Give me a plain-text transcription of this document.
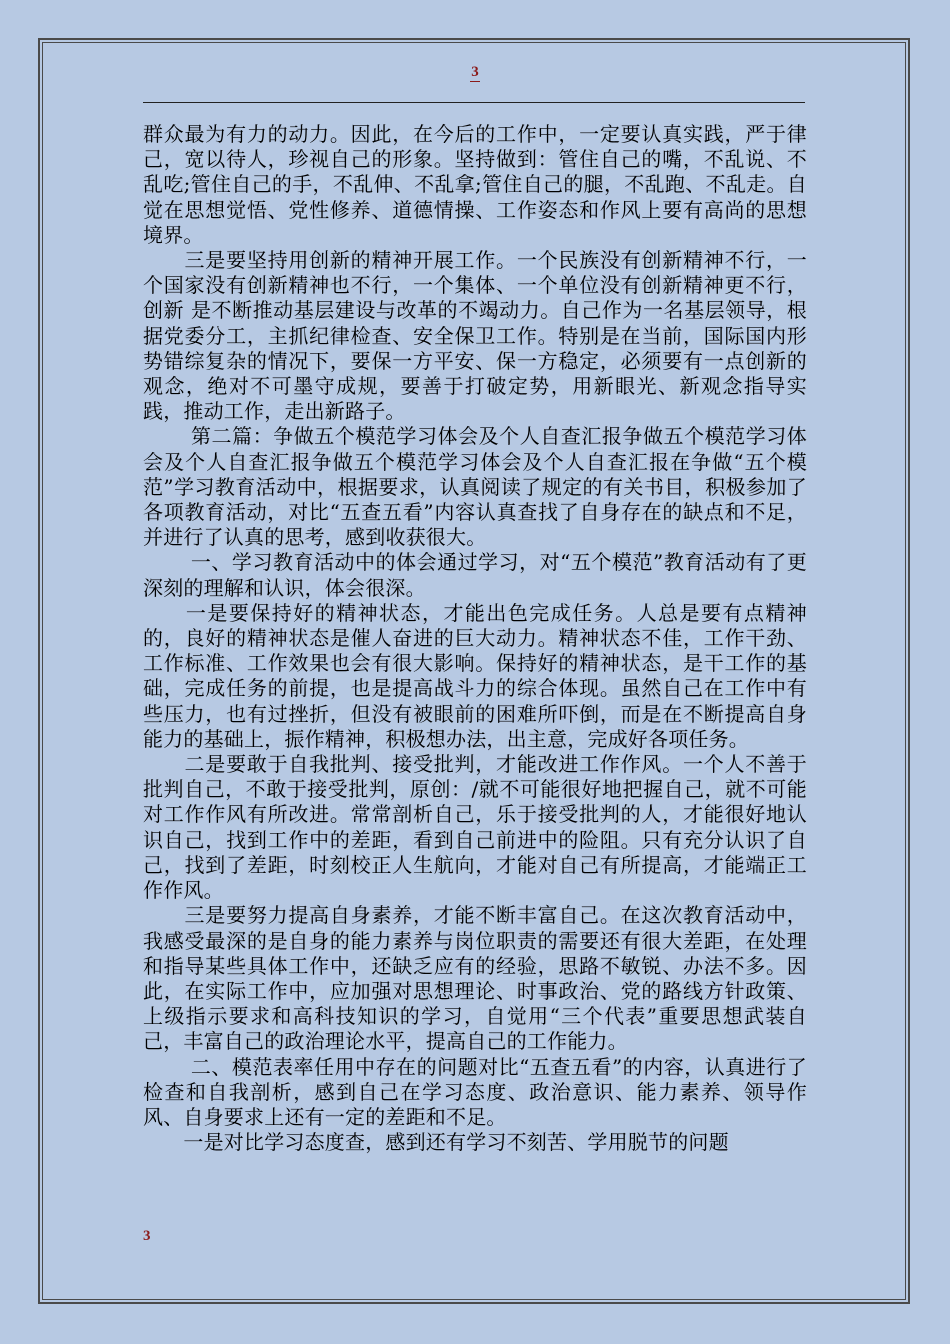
3

群众最为有力的动力。因此，在今后的工作中，一定要认真实践，严于律己，宽以待人，珍视自己的形象。坚持做到：管住自己的嘴，不乱说、不乱吃;管住自己的手，不乱伸、不乱拿;管住自己的腿，不乱跑、不乱走。自觉在思想觉悟、党性修养、道德情操、工作姿态和作风上要有高尚的思想境界。

　　三是要坚持用创新的精神开展工作。一个民族没有创新精神不行，一个国家没有创新精神也不行，一个集体、一个单位没有创新精神更不行， 创新 是不断推动基层建设与改革的不竭动力。自己作为一名基层领导，根据党委分工，主抓纪律检查、安全保卫工作。特别是在当前，国际国内形势错综复杂的情况下，要保一方平安、保一方稳定，必须要有一点创新的观念，绝对不可墨守成规，要善于打破定势，用新眼光、新观念指导实践，推动工作，走出新路子。

　　 第二篇：争做五个模范学习体会及个人自查汇报争做五个模范学习体会及个人自查汇报争做五个模范学习体会及个人自查汇报在争做“五个模范”学习教育活动中，根据要求，认真阅读了规定的有关书目，积极参加了各项教育活动，对比“五查五看”内容认真查找了自身存在的缺点和不足，并进行了认真的思考，感到收获很大。

　　 一、学习教育活动中的体会通过学习，对“五个模范”教育活动有了更深刻的理解和认识，体会很深。

　　一是要保持好的精神状态，才能出色完成任务。人总是要有点精神的，良好的精神状态是催人奋进的巨大动力。精神状态不佳，工作干劲、工作标准、工作效果也会有很大影响。保持好的精神状态，是干工作的基础，完成任务的前提，也是提高战斗力的综合体现。虽然自己在工作中有些压力，也有过挫折，但没有被眼前的困难所吓倒，而是在不断提高自身能力的基础上，振作精神，积极想办法，出主意，完成好各项任务。

　　二是要敢于自我批判、接受批判，才能改进工作作风。一个人不善于批判自己，不敢于接受批判，原创：/就不可能很好地把握自己，就不可能对工作作风有所改进。常常剖析自己，乐于接受批判的人，才能很好地认识自己，找到工作中的差距，看到自己前进中的险阻。只有充分认识了自己，找到了差距，时刻校正人生航向，才能对自己有所提高，才能端正工作作风。

　　三是要努力提高自身素养，才能不断丰富自己。在这次教育活动中，我感受最深的是自身的能力素养与岗位职责的需要还有很大差距，在处理和指导某些具体工作中，还缺乏应有的经验，思路不敏锐、办法不多。因此，在实际工作中，应加强对思想理论、时事政治、党的路线方针政策、上级指示要求和高科技知识的学习，自觉用“三个代表”重要思想武装自己，丰富自己的政治理论水平，提高自己的工作能力。

　　 二、模范表率任用中存在的问题对比“五查五看”的内容，认真进行了检查和自我剖析，感到自己在学习态度、政治意识、能力素养、领导作风、自身要求上还有一定的差距和不足。

　　一是对比学习态度查，感到还有学习不刻苦、学用脱节的问题

3
